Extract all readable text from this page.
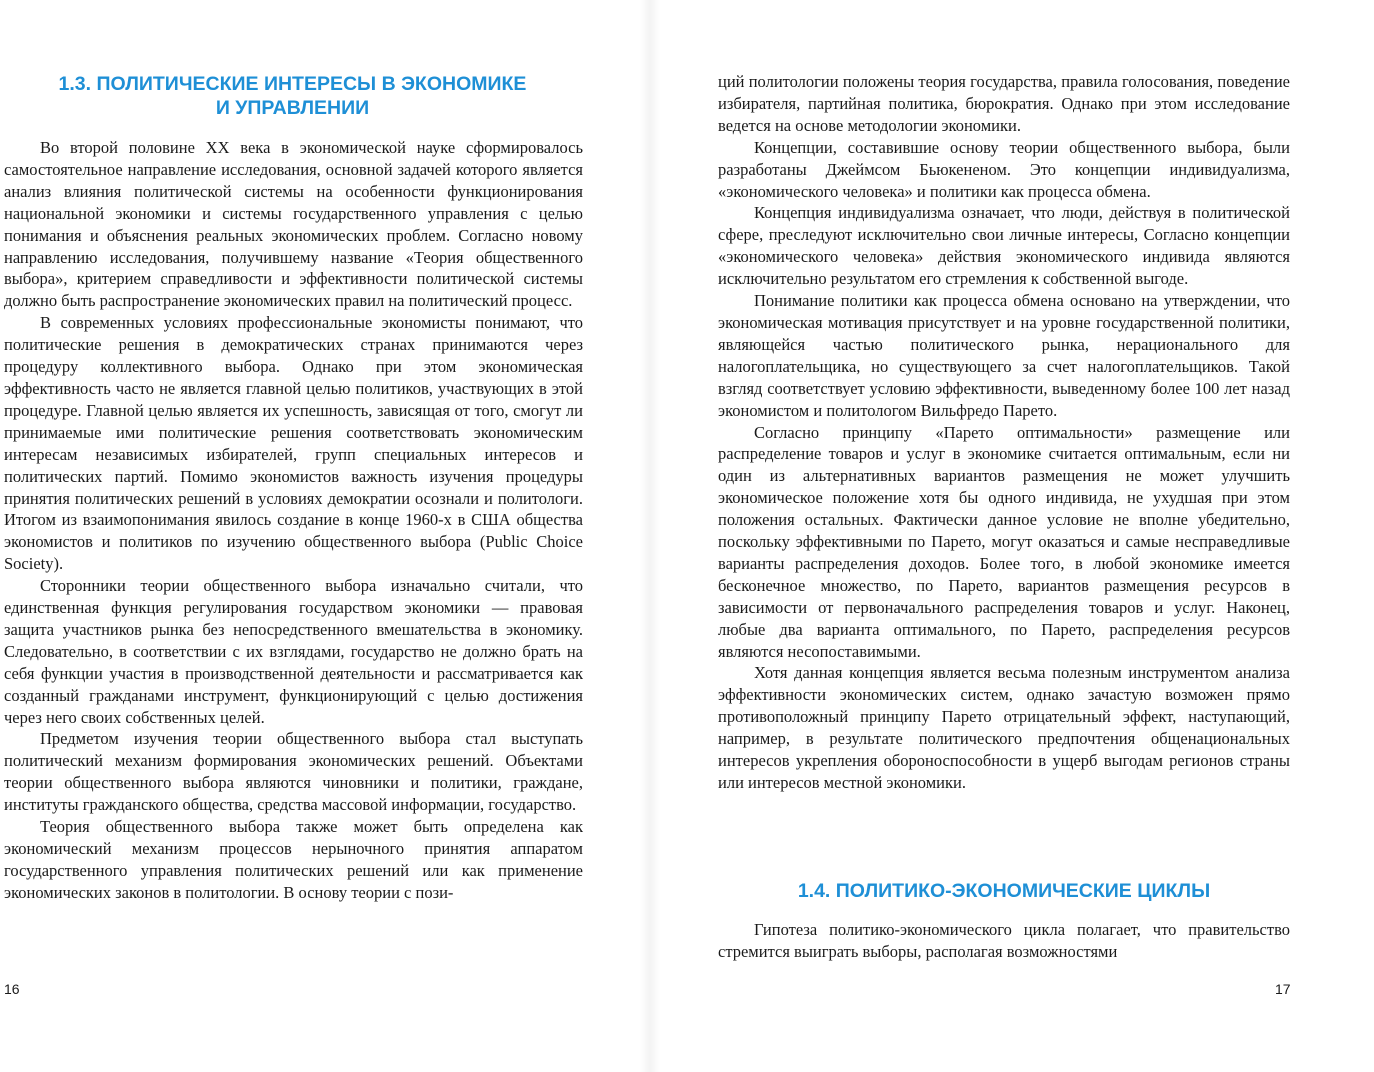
1.3. ПОЛИТИЧЕСКИЕ ИНТЕРЕСЫ В ЭКОНОМИКЕ

И УПРАВЛЕНИИ

Во второй половине XX века в экономической науке сформировалось самостоятельное направление исследования, основной задачей которого является анализ влияния политической системы на особенности функционирования национальной экономики и системы государственного управления с целью понимания и объяснения реальных экономических проблем. Согласно новому направлению исследования, получившему название «Теория общественного выбора», критерием справедливости и эффективности политической системы должно быть распространение экономических правил на политический процесс.

В современных условиях профессиональные экономисты понимают, что политические решения в демократических странах принимаются через процедуру коллективного выбора. Однако при этом экономическая эффективность часто не является главной целью политиков, участвующих в этой процедуре. Главной целью является их успешность, зависящая от того, смогут ли принимаемые ими политические решения соответствовать экономическим интересам независимых избирателей, групп специальных интересов и политических партий. Помимо экономистов важность изучения процедуры принятия политических решений в условиях демократии осознали и политологи. Итогом из взаимопонимания явилось создание в конце 1960-х в США общества экономистов и политиков по изучению общественного выбора (Public Choice Society).

Сторонники теории общественного выбора изначально считали, что единственная функция регулирования государством экономики — правовая защита участников рынка без непосредственного вмешательства в экономику. Следовательно, в соответствии с их взглядами, государство не должно брать на себя функции участия в производственной деятельности и рассматривается как созданный гражданами инструмент, функционирующий с целью достижения через него своих собственных целей.

Предметом изучения теории общественного выбора стал выступать политический механизм формирования экономических решений. Объектами теории общественного выбора являются чиновники и политики, граждане, институты гражданского общества, средства массовой информации, государство.

Теория общественного выбора также может быть определена как экономический механизм процессов нерыночного принятия аппаратом государственного управления политических решений или как применение экономических законов в политологии. В основу теории с пози-

16

ций политологии положены теория государства, правила голосования, поведение избирателя, партийная политика, бюрократия. Однако при этом исследование ведется на основе методологии экономики.

Концепции, составившие основу теории общественного выбора, были разработаны Джеймсом Бьюкененом. Это концепции индивидуализма, «экономического человека» и политики как процесса обмена.

Концепция индивидуализма означает, что люди, действуя в политической сфере, преследуют исключительно свои личные интересы, Согласно концепции «экономического человека» действия экономического индивида являются исключительно результатом его стремления к собственной выгоде.

Понимание политики как процесса обмена основано на утверждении, что экономическая мотивация присутствует и на уровне государственной политики, являющейся частью политического рынка, нерационального для налогоплательщика, но существующего за счет налогоплательщиков. Такой взгляд соответствует условию эффективности, выведенному более 100 лет назад экономистом и политологом Вильфредо Парето.

Согласно принципу «Парето оптимальности» размещение или распределение товаров и услуг в экономике считается оптимальным, если ни один из альтернативных вариантов размещения не может улучшить экономическое положение хотя бы одного индивида, не ухудшая при этом положения остальных. Фактически данное условие не вполне убедительно, поскольку эффективными по Парето, могут оказаться и самые несправедливые варианты распределения доходов. Более того, в любой экономике имеется бесконечное множество, по Парето, вариантов размещения ресурсов в зависимости от первоначального распределения товаров и услуг. Наконец, любые два варианта оптимального, по Парето, распределения ресурсов являются несопоставимыми.

Хотя данная концепция является весьма полезным инструментом анализа эффективности экономических систем, однако зачастую возможен прямо противоположный принципу Парето отрицательный эффект, наступающий, например, в результате политического предпочтения общенациональных интересов укрепления обороноспособности в ущерб выгодам регионов страны или интересов местной экономики.

1.4. ПОЛИТИКО-ЭКОНОМИЧЕСКИЕ ЦИКЛЫ

Гипотеза политико-экономического цикла полагает, что правительство стремится выиграть выборы, располагая возможностями

17
